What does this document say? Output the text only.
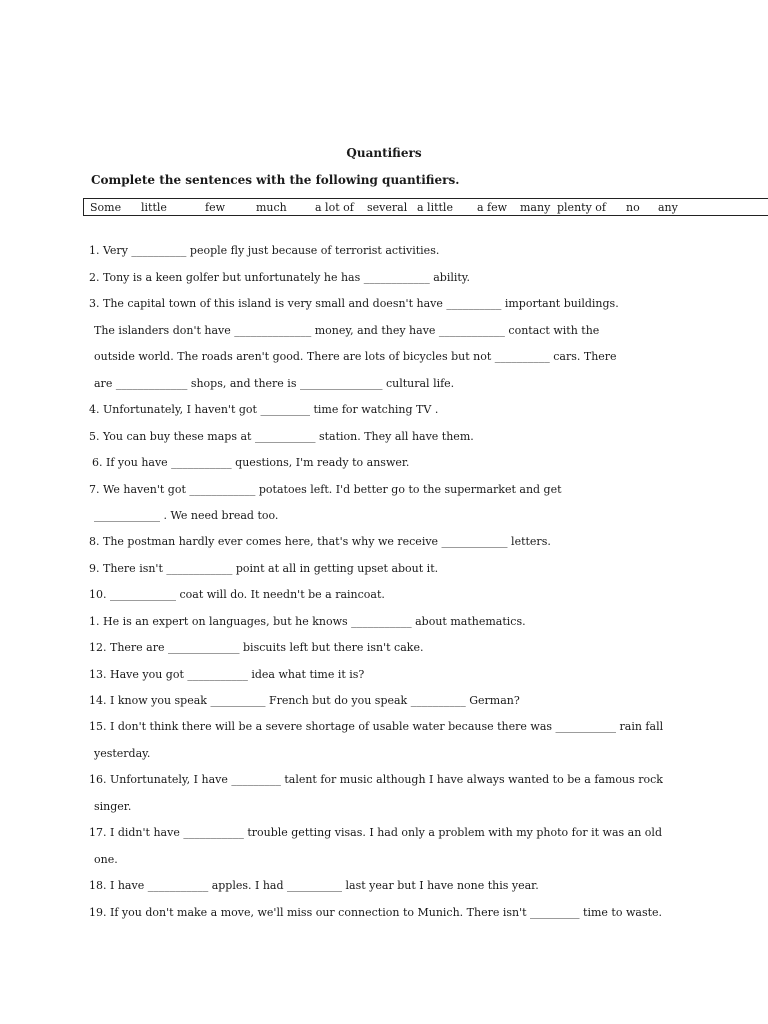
Quantifiers
Complete the sentences with the following quantifiers.
Some little	few	much	a lot of several a little a few many plenty of no any
1. Very __________ people fly just because of terrorist activities.
2. Tony is a keen golfer but unfortunately he has ____________ ability.
3. The capital town of this island is very small and doesn't have __________ important buildings.
The islanders don't have ______________ money, and they have ____________ contact with the
outside world. The roads aren't good. There are lots of bicycles but not __________ cars. There
are _____________ shops, and there is _______________ cultural life.
4. Unfortunately, I haven't got _________ time for watching TV .
5. You can buy these maps at ___________ station. They all have them.
6. If you have ___________ questions, I'm ready to answer.
7. We haven't got ____________ potatoes left. I'd better go to the supermarket and get
____________ . We need bread too.
8. The postman hardly ever comes here, that's why we receive ____________ letters.
9. There isn't ____________ point at all in getting upset about it.
10. ____________ coat will do. It needn't be a raincoat.
1. He is an expert on languages, but he knows ___________ about mathematics.
12. There are _____________ biscuits left but there isn't cake.
13. Have you got ___________ idea what time it is?
14. I know you speak __________ French but do you speak __________ German?
15. I don't think there will be a severe shortage of usable water because there was ___________ rain fall
yesterday.
16. Unfortunately, I have _________ talent for music although I have always wanted to be a famous rock
singer.
17. I didn't have ___________ trouble getting visas. I had only a problem with my photo for it was an old
one.
18. I have ___________ apples. I had __________ last year but I have none this year.
19. If you don't make a move, we'll miss our connection to Munich. There isn't _________ time to waste.
